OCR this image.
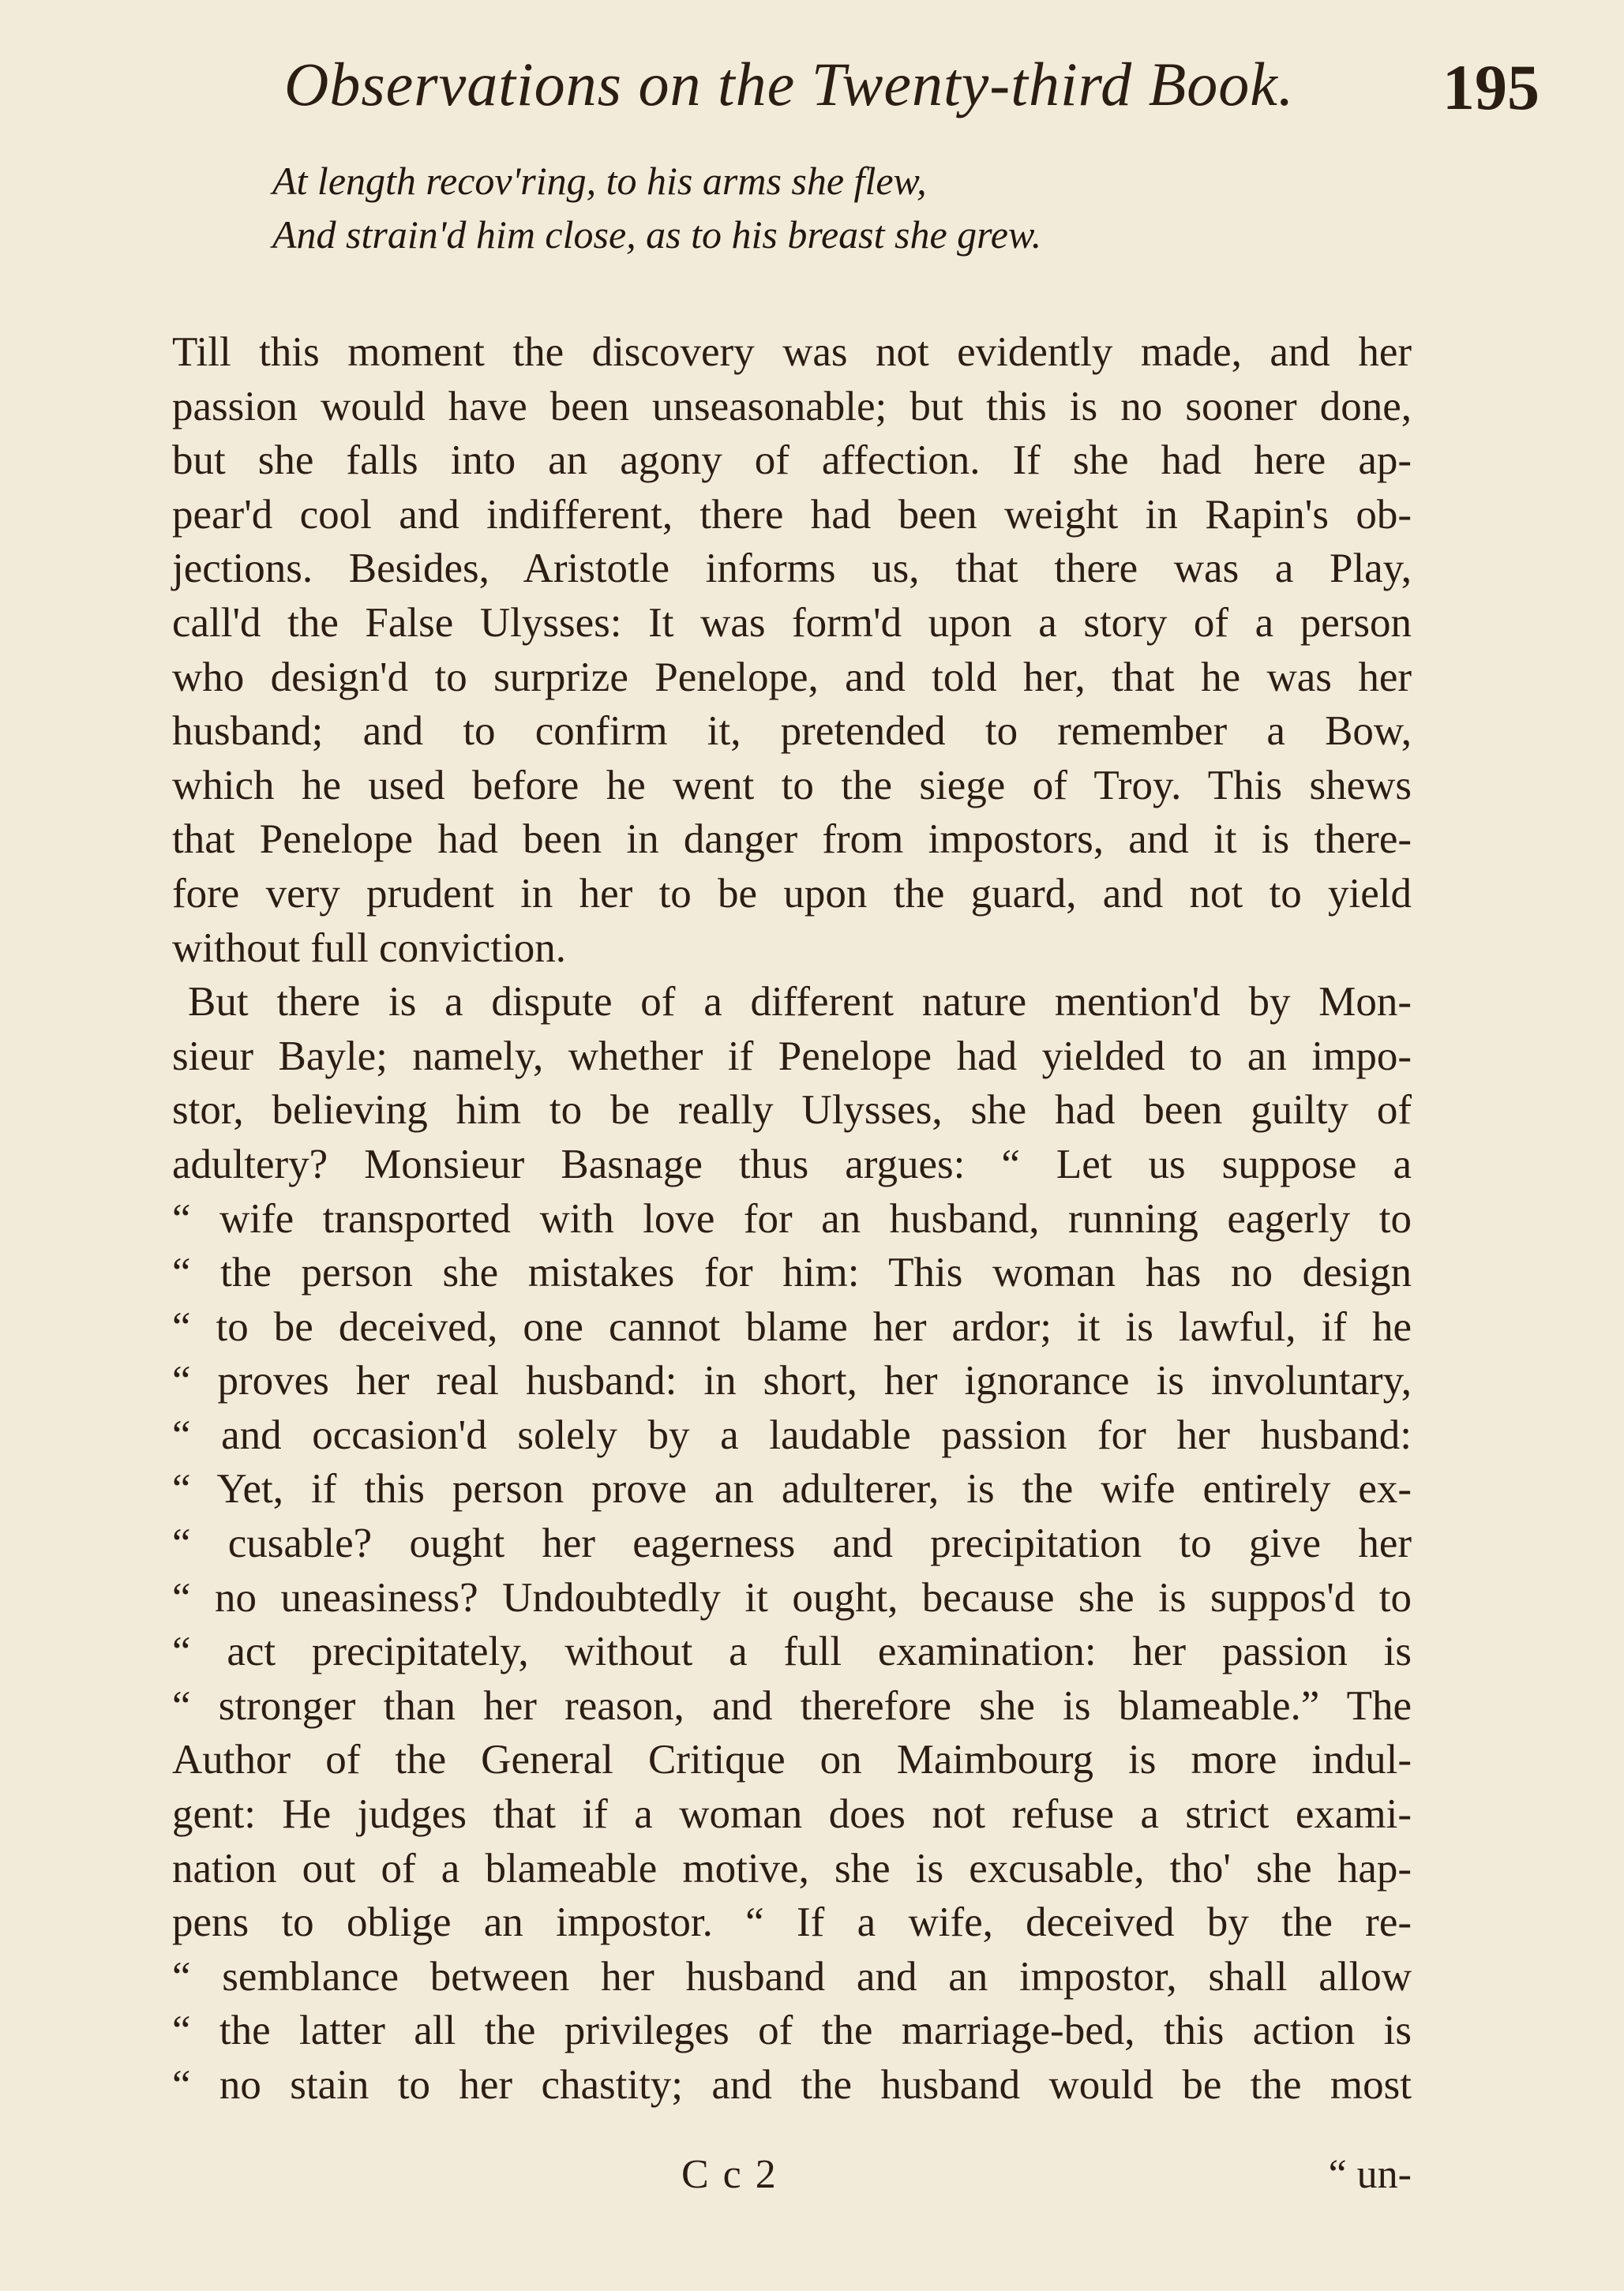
Observations on the Twenty-third Book. 195
At length recov'ring, to his arms she flew,
And strain'd him close, as to his breast she grew.
Till this moment the discovery was not evidently made, and her
passion would have been unseasonable; but this is no sooner done,
but she falls into an agony of affection. If she had here ap-
pear'd cool and indifferent, there had been weight in Rapin's ob-
jections. Besides, Aristotle informs us, that there was a Play,
call'd the False Ulysses: It was form'd upon a story of a person
who design'd to surprize Penelope, and told her, that he was her
husband; and to confirm it, pretended to remember a Bow,
which he used before he went to the siege of Troy. This shews
that Penelope had been in danger from impostors, and it is there-
fore very prudent in her to be upon the guard, and not to yield
without full conviction.
But there is a dispute of a different nature mention'd by Mon-
sieur Bayle; namely, whether if Penelope had yielded to an impo-
stor, believing him to be really Ulysses, she had been guilty of
adultery? Monsieur Basnage thus argues: “ Let us suppose a
“ wife transported with love for an husband, running eagerly to
“ the person she mistakes for him: This woman has no design
“ to be deceived, one cannot blame her ardor; it is lawful, if he
“ proves her real husband: in short, her ignorance is involuntary,
“ and occasion'd solely by a laudable passion for her husband:
“ Yet, if this person prove an adulterer, is the wife entirely ex-
“ cusable? ought her eagerness and precipitation to give her
“ no uneasiness? Undoubtedly it ought, because she is suppos'd to
“ act precipitately, without a full examination: her passion is
“ stronger than her reason, and therefore she is blameable.” The
Author of the General Critique on Maimbourg is more indul-
gent: He judges that if a woman does not refuse a strict exami-
nation out of a blameable motive, she is excusable, tho' she hap-
pens to oblige an impostor. “ If a wife, deceived by the re-
“ semblance between her husband and an impostor, shall allow
“ the latter all the privileges of the marriage-bed, this action is
“ no stain to her chastity; and the husband would be the most
Cc2	“ un-
